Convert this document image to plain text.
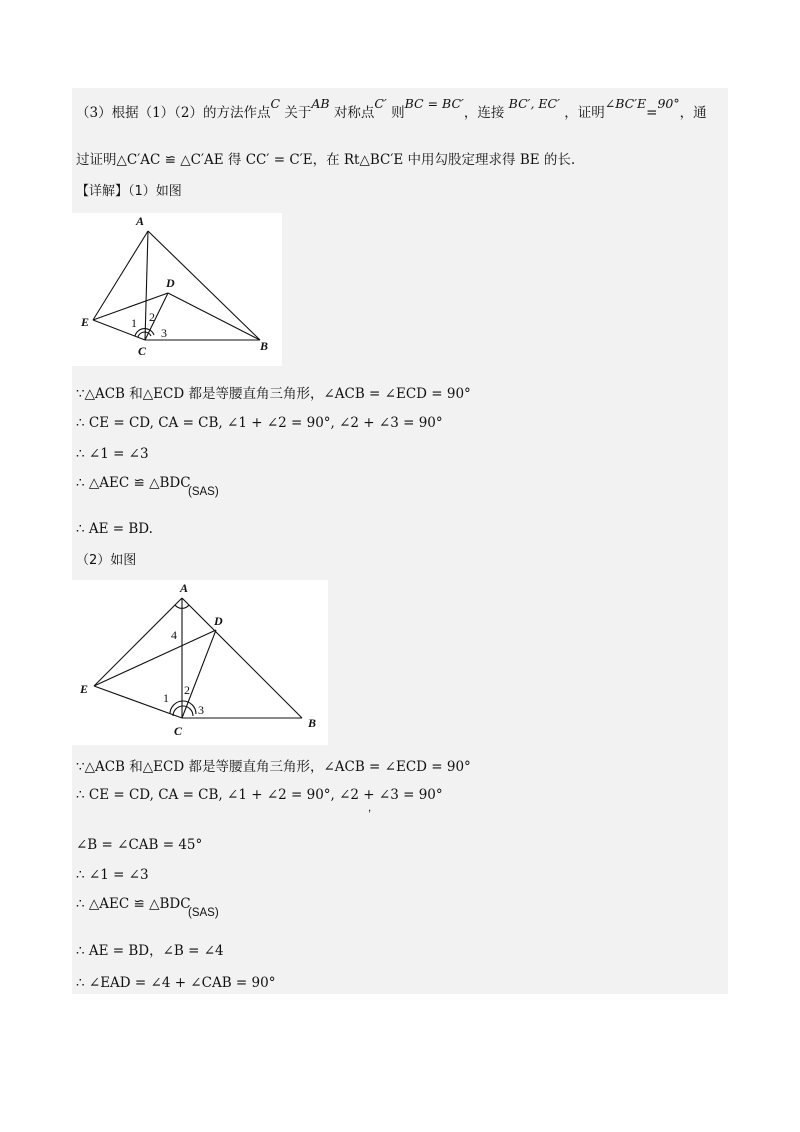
（3）根据（1）（2）的方法作点C 关于AB 对称点C′ 则BC = BC′，连接 BC′, EC′ ，证明∠BC′E=90°，通
过证明△C′AC ≌ △C′AE 得 CC′ = C′E，在 Rt△BC′E 中用勾股定理求得 BE 的长.
【详解】（1）如图
A
D
E
C	B
1 2
3
∵△ACB 和△ECD 都是等腰直角三角形，∠ACB = ∠ECD = 90°
∴ CE = CD, CA = CB, ∠1 + ∠2 = 90°, ∠2 + ∠3 = 90°
∴ ∠1 = ∠3
∴ △AEC ≌ △BDC
(SAS)
∴ AE = BD.
（2）如图
A
D
E
C
B
1
2
3
4
∵△ACB 和△ECD 都是等腰直角三角形，∠ACB = ∠ECD = 90°
∴ CE = CD, CA = CB, ∠1 + ∠2 = 90°, ∠2 + ∠3 = 90°
,
∠B = ∠CAB = 45°
∴ ∠1 = ∠3
∴ △AEC ≌ △BDC
(SAS)
∴ AE = BD，∠B = ∠4
∴ ∠EAD = ∠4 + ∠CAB = 90°
